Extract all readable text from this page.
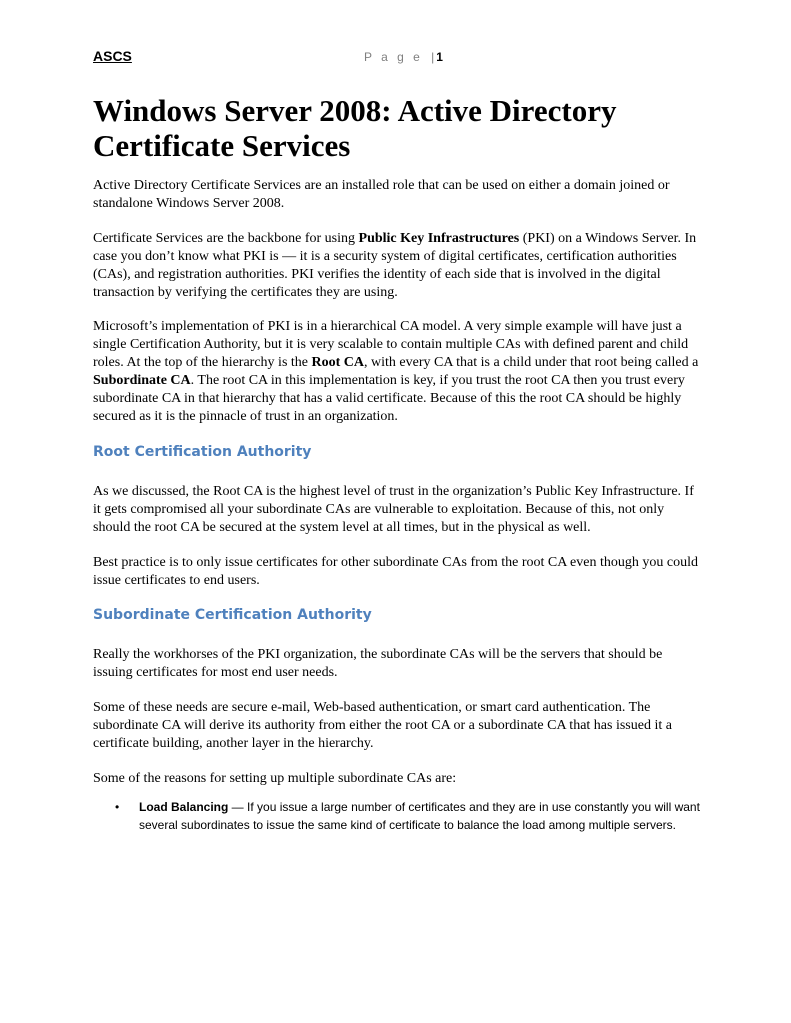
ASCS	P a g e | 1
Windows Server 2008: Active Directory Certificate Services

Active Directory Certificate Services are an installed role that can be used on either a domain joined or standalone Windows Server 2008.

Certificate Services are the backbone for using Public Key Infrastructures (PKI) on a Windows Server. In case you don’t know what PKI is — it is a security system of digital certificates, certification authorities (CAs), and registration authorities. PKI verifies the identity of each side that is involved in the digital transaction by verifying the certificates they are using.

Microsoft’s implementation of PKI is in a hierarchical CA model. A very simple example will have just a single Certification Authority, but it is very scalable to contain multiple CAs with defined parent and child roles. At the top of the hierarchy is the Root CA, with every CA that is a child under that root being called a Subordinate CA. The root CA in this implementation is key, if you trust the root CA then you trust every subordinate CA in that hierarchy that has a valid certificate. Because of this the root CA should be highly secured as it is the pinnacle of trust in an organization.

Root Certification Authority

As we discussed, the Root CA is the highest level of trust in the organization’s Public Key Infrastructure. If it gets compromised all your subordinate CAs are vulnerable to exploitation. Because of this, not only should the root CA be secured at the system level at all times, but in the physical as well.

Best practice is to only issue certificates for other subordinate CAs from the root CA even though you could issue certificates to end users.

Subordinate Certification Authority

Really the workhorses of the PKI organization, the subordinate CAs will be the servers that should be issuing certificates for most end user needs.

Some of these needs are secure e-mail, Web-based authentication, or smart card authentication. The subordinate CA will derive its authority from either the root CA or a subordinate CA that has issued it a certificate building, another layer in the hierarchy.

Some of the reasons for setting up multiple subordinate CAs are:

• Load Balancing — If you issue a large number of certificates and they are in use constantly you will want several subordinates to issue the same kind of certificate to balance the load among multiple servers.
